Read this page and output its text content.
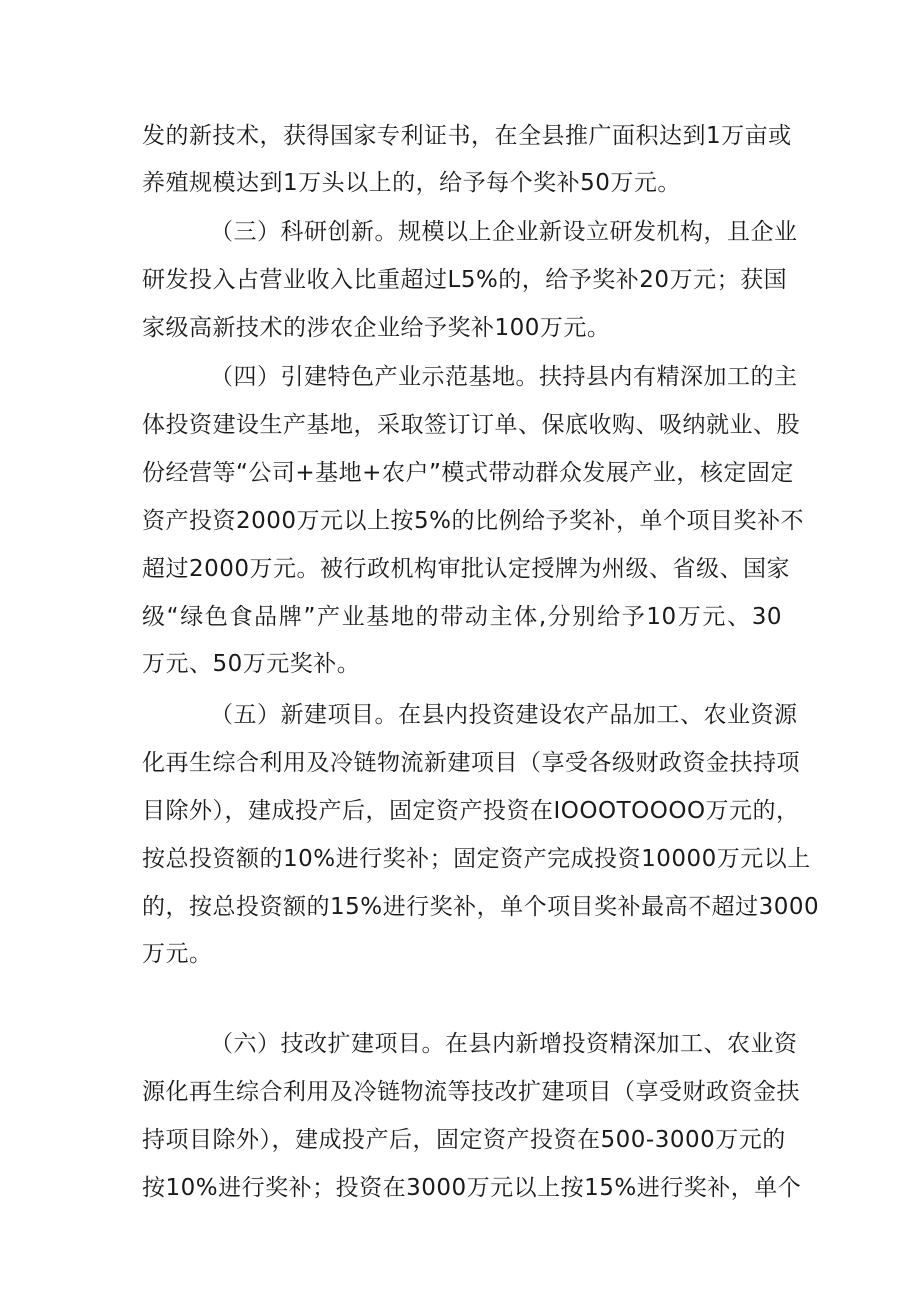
发的新技术，获得国家专利证书，在全县推广面积达到1万亩或
养殖规模达到1万头以上的，给予每个奖补50万元。
（三）科研创新。规模以上企业新设立研发机构，且企业
研发投入占营业收入比重超过L5%的，给予奖补20万元；获国
家级高新技术的涉农企业给予奖补100万元。
（四）引建特色产业示范基地。扶持县内有精深加工的主
体投资建设生产基地，采取签订订单、保底收购、吸纳就业、股
份经营等“公司+基地+农户”模式带动群众发展产业，核定固定
资产投资2000万元以上按5%的比例给予奖补，单个项目奖补不
超过2000万元。被行政机构审批认定授牌为州级、省级、国家
级“绿色食品牌”产业基地的带动主体,分别给予10万元、30
万元、50万元奖补。
（五）新建项目。在县内投资建设农产品加工、农业资源
化再生综合利用及冷链物流新建项目（享受各级财政资金扶持项
目除外），建成投产后，固定资产投资在IOOOTOOOO万元的，
按总投资额的10%进行奖补；固定资产完成投资10000万元以上
的，按总投资额的15%进行奖补，单个项目奖补最高不超过3000
万元。
（六）技改扩建项目。在县内新增投资精深加工、农业资
源化再生综合利用及冷链物流等技改扩建项目（享受财政资金扶
持项目除外），建成投产后，固定资产投资在500-3000万元的
按10%进行奖补；投资在3000万元以上按15%进行奖补，单个
